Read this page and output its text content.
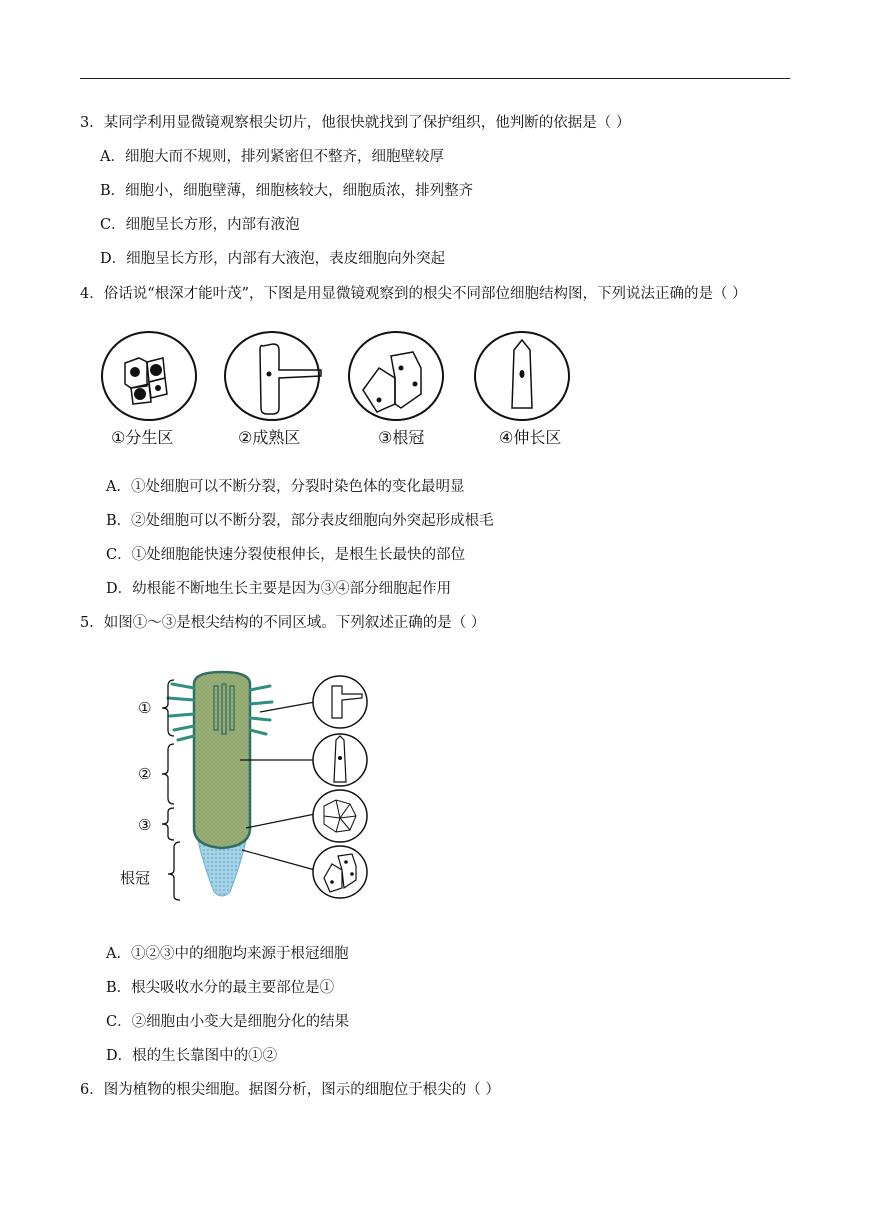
3．某同学利用显微镜观察根尖切片，他很快就找到了保护组织，他判断的依据是（ ）
A．细胞大而不规则，排列紧密但不整齐，细胞壁较厚
B．细胞小，细胞壁薄，细胞核较大，细胞质浓，排列整齐
C．细胞呈长方形，内部有液泡
D．细胞呈长方形，内部有大液泡，表皮细胞向外突起
4．俗话说“根深才能叶茂”，下图是用显微镜观察到的根尖不同部位细胞结构图，下列说法正确的是（ ）
①分生区	②成熟区	③根冠	④伸长区
A．①处细胞可以不断分裂，分裂时染色体的变化最明显
B．②处细胞可以不断分裂，部分表皮细胞向外突起形成根毛
C．①处细胞能快速分裂使根伸长，是根生长最快的部位
D．幼根能不断地生长主要是因为③④部分细胞起作用
5．如图①～③是根尖结构的不同区域。下列叙述正确的是（ ）
①
②
③
根冠
A．①②③中的细胞均来源于根冠细胞
B．根尖吸收水分的最主要部位是①
C．②细胞由小变大是细胞分化的结果
D．根的生长靠图中的①②
6．图为植物的根尖细胞。据图分析，图示的细胞位于根尖的（ ）
